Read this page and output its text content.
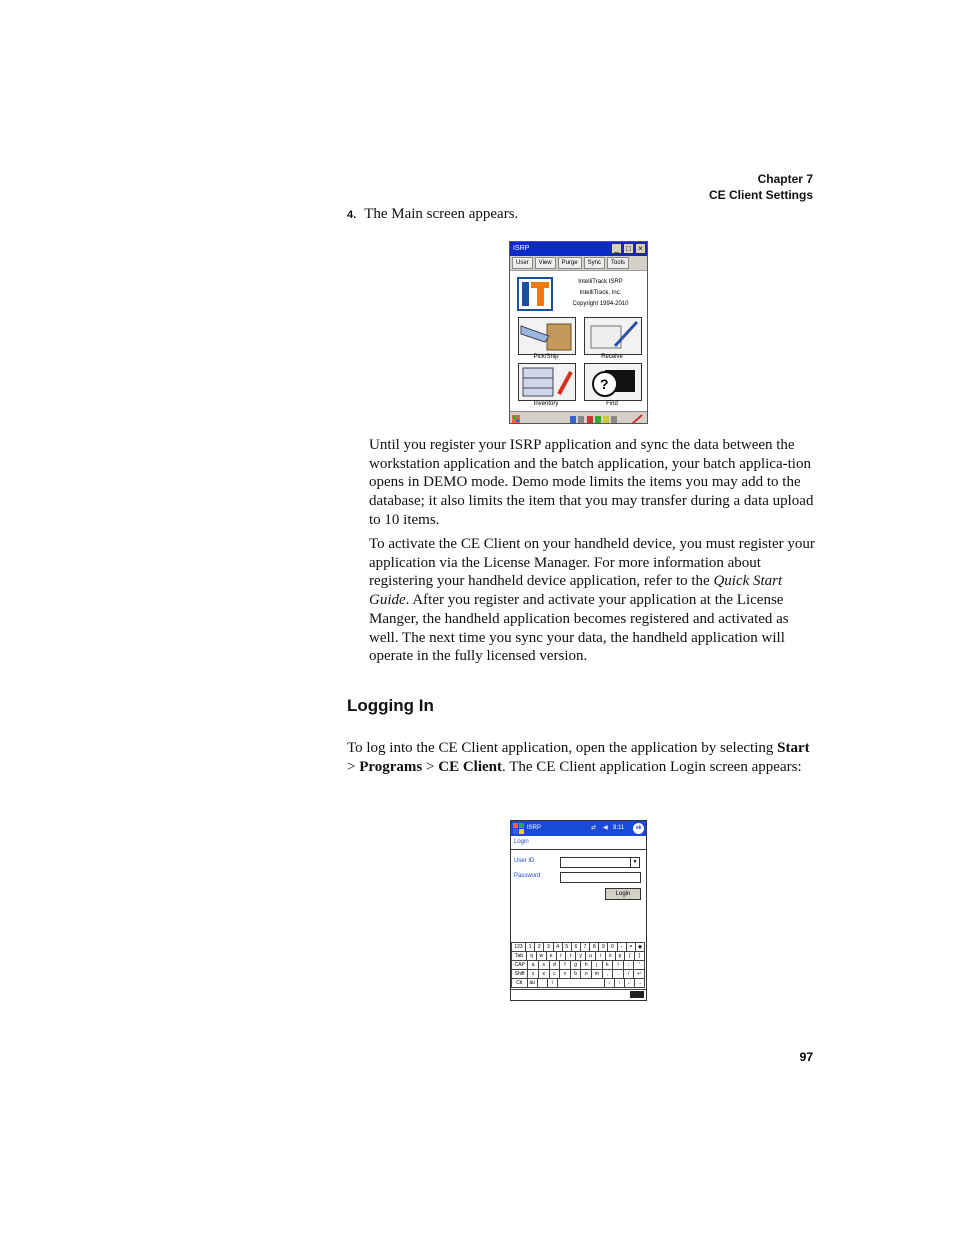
Chapter 7
CE Client Settings
4. The Main screen appears.
ISRP	_ □ ×
User	View	Purge	Sync	Tools
IntelliTrack ISRP
IntelliTrack, Inc.
Copyright 1994-2010
Pick/Ship	Receive
Inventory
?
Find

Until you register your ISRP application and sync the data between the workstation application and the batch application, your batch applica-tion opens in DEMO mode. Demo mode limits the items you may add to the database; it also limits the item that you may transfer during a data upload to 10 items.

To activate the CE Client on your handheld device, you must register your application via the License Manager. For more information about registering your handheld device application, refer to the Quick Start Guide. After you register and activate your application at the License Manger, the handheld application becomes registered and activated as well. The next time you sync your data, the handheld application will operate in the fully licensed version.

Logging In

To log into the CE Client application, open the application by selecting Start > Programs > CE Client. The CE Client application Login screen appears:

ISRP	⇄ ◀ 9:11	ok
Login
User ID	▼
Password
Login
123	1	2	3	4	5	6	7	8	9	0	-	=	◆
Tab	q	w	e	r	t	y	u	i	o	p	[	]
CAP	a	s	d	f	g	h	j	k	l	;	'
Shift	z	x	c	v	b	n	m	,	.	/	↵
Ctl	áü	`	\	↓	↑	←	→
97
